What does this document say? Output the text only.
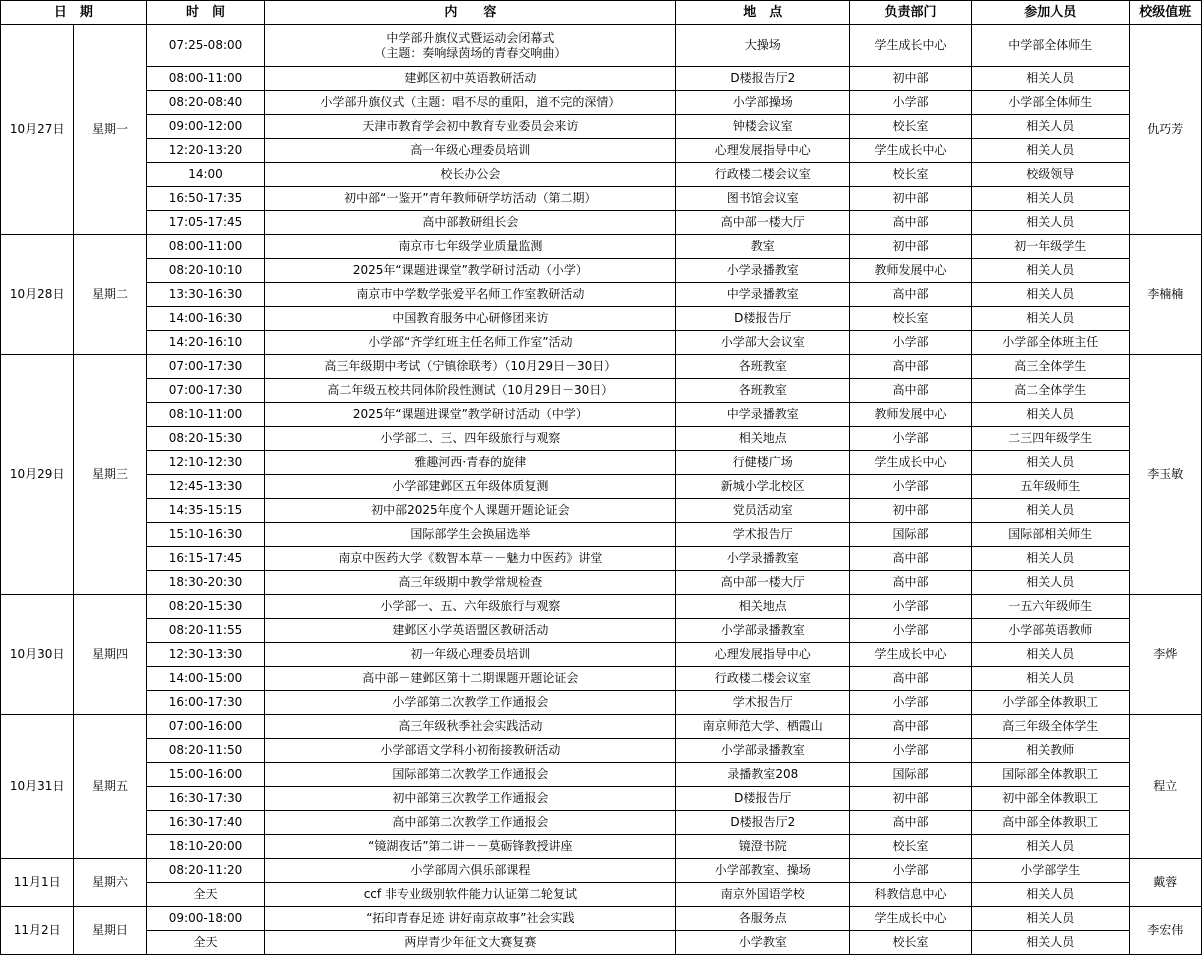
日　期		时　间	内　　容	地　点	负责部门	参加人员	校级值班
10月27日	星期一	07:25-08:00	中学部升旗仪式暨运动会闭幕式
（主题：奏响绿茵场的青春交响曲）	大操场	学生成长中心	中学部全体师生	仇巧芳
		08:00-11:00	建邺区初中英语教研活动	D楼报告厅2	初中部	相关人员	
		08:20-08:40	小学部升旗仪式（主题：唱不尽的重阳，道不完的深情）	小学部操场	小学部	小学部全体师生	
		09:00-12:00	天津市教育学会初中教育专业委员会来访	钟楼会议室	校长室	相关人员	
		12:20-13:20	高一年级心理委员培训	心理发展指导中心	学生成长中心	相关人员	
		14:00	校长办公会	行政楼二楼会议室	校长室	校级领导	
		16:50-17:35	初中部“一鉴开”青年教师研学坊活动（第二期）	图书馆会议室	初中部	相关人员	
		17:05-17:45	高中部教研组长会	高中部一楼大厅	高中部	相关人员	
10月28日	星期二	08:00-11:00	南京市七年级学业质量监测	教室	初中部	初一年级学生	李楠楠
		08:20-10:10	2025年“课题进课堂”教学研讨活动（小学）	小学录播教室	教师发展中心	相关人员	
		13:30-16:30	南京市中学数学张爱平名师工作室教研活动	中学录播教室	高中部	相关人员	
		14:00-16:30	中国教育服务中心研修团来访	D楼报告厅	校长室	相关人员	
		14:20-16:10	小学部“齐学红班主任名师工作室”活动	小学部大会议室	小学部	小学部全体班主任	
10月29日	星期三	07:00-17:30	高三年级期中考试（宁镇徐联考）（10月29日－30日）	各班教室	高中部	高三全体学生	李玉敏
		07:00-17:30	高二年级五校共同体阶段性测试（10月29日－30日）	各班教室	高中部	高二全体学生	
		08:10-11:00	2025年“课题进课堂”教学研讨活动（中学）	中学录播教室	教师发展中心	相关人员	
		08:20-15:30	小学部二、三、四年级旅行与观察	相关地点	小学部	二三四年级学生	
		12:10-12:30	雅趣河西·青春的旋律	行健楼广场	学生成长中心	相关人员	
		12:45-13:30	小学部建邺区五年级体质复测	新城小学北校区	小学部	五年级师生	
		14:35-15:15	初中部2025年度个人课题开题论证会	党员活动室	初中部	相关人员	
		15:10-16:30	国际部学生会换届选举	学术报告厅	国际部	国际部相关师生	
		16:15-17:45	南京中医药大学《数智本草－－魅力中医药》讲堂	小学录播教室	高中部	相关人员	
		18:30-20:30	高三年级期中教学常规检查	高中部一楼大厅	高中部	相关人员	
10月30日	星期四	08:20-15:30	小学部一、五、六年级旅行与观察	相关地点	小学部	一五六年级师生	李烨
		08:20-11:55	建邺区小学英语盟区教研活动	小学部录播教室	小学部	小学部英语教师	
		12:30-13:30	初一年级心理委员培训	心理发展指导中心	学生成长中心	相关人员	
		14:00-15:00	高中部－建邺区第十二期课题开题论证会	行政楼二楼会议室	高中部	相关人员	
		16:00-17:30	小学部第二次教学工作通报会	学术报告厅	小学部	小学部全体教职工	
10月31日	星期五	07:00-16:00	高三年级秋季社会实践活动	南京师范大学、栖霞山	高中部	高三年级全体学生	程立
		08:20-11:50	小学部语文学科小初衔接教研活动	小学部录播教室	小学部	相关教师	
		15:00-16:00	国际部第二次教学工作通报会	录播教室208	国际部	国际部全体教职工	
		16:30-17:30	初中部第三次教学工作通报会	D楼报告厅	初中部	初中部全体教职工	
		16:30-17:40	高中部第二次教学工作通报会	D楼报告厅2	高中部	高中部全体教职工	
		18:10-20:00	“镜湖夜话”第二讲－－莫砺锋教授讲座	镜澄书院	校长室	相关人员	
11月1日	星期六	08:20-11:20	小学部周六俱乐部课程	小学部教室、操场	小学部	小学部学生	戴蓉
		全天	ccf 非专业级别软件能力认证第二轮复试	南京外国语学校	科教信息中心	相关人员	
11月2日	星期日	09:00-18:00	“拓印青春足迹 讲好南京故事”社会实践	各服务点	学生成长中心	相关人员	李宏伟
		全天	两岸青少年征文大赛复赛	小学教室	校长室	相关人员	
